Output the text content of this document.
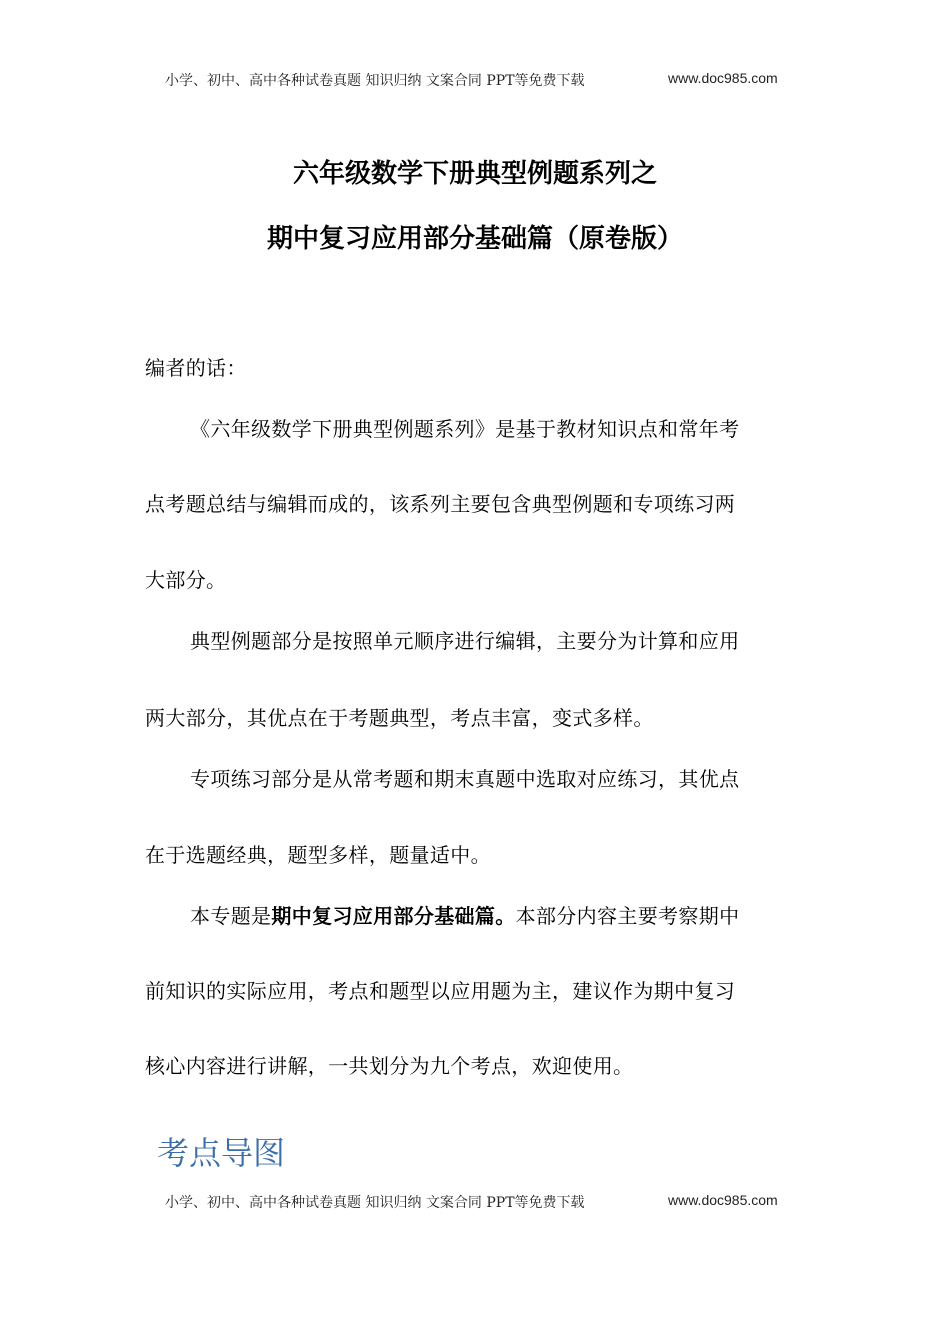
小学、初中、高中各种试卷真题 知识归纳 文案合同 PPT等免费下载	www.doc985.com
六年级数学下册典型例题系列之
期中复习应用部分基础篇（原卷版）
编者的话：
《六年级数学下册典型例题系列》是基于教材知识点和常年考
点考题总结与编辑而成的，该系列主要包含典型例题和专项练习两
大部分。
典型例题部分是按照单元顺序进行编辑，主要分为计算和应用
两大部分，其优点在于考题典型，考点丰富，变式多样。
专项练习部分是从常考题和期末真题中选取对应练习，其优点
在于选题经典，题型多样，题量适中。
本专题是期中复习应用部分基础篇。本部分内容主要考察期中
前知识的实际应用，考点和题型以应用题为主，建议作为期中复习
核心内容进行讲解，一共划分为九个考点，欢迎使用。
考点导图
小学、初中、高中各种试卷真题 知识归纳 文案合同 PPT等免费下载	www.doc985.com
